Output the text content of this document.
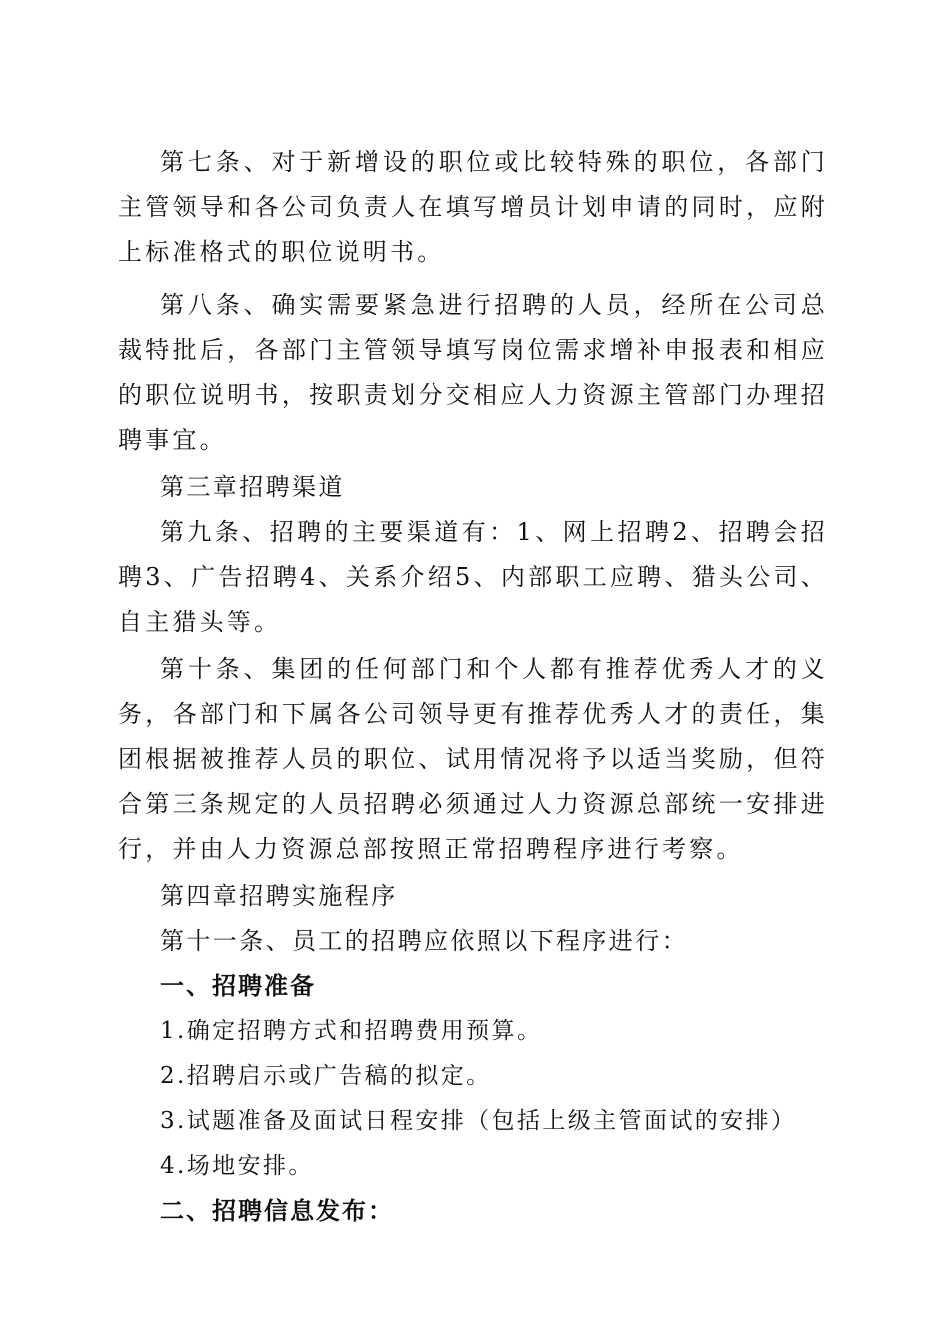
第七条、对于新增设的职位或比较特殊的职位，各部门主管领导和各公司负责人在填写增员计划申请的同时，应附上标准格式的职位说明书。

第八条、确实需要紧急进行招聘的人员，经所在公司总裁特批后，各部门主管领导填写岗位需求增补申报表和相应的职位说明书，按职责划分交相应人力资源主管部门办理招聘事宜。

第三章招聘渠道

第九条、招聘的主要渠道有：1、网上招聘2、招聘会招聘3、广告招聘4、关系介绍5、内部职工应聘、猎头公司、自主猎头等。

第十条、集团的任何部门和个人都有推荐优秀人才的义务，各部门和下属各公司领导更有推荐优秀人才的责任，集团根据被推荐人员的职位、试用情况将予以适当奖励，但符合第三条规定的人员招聘必须通过人力资源总部统一安排进行，并由人力资源总部按照正常招聘程序进行考察。

第四章招聘实施程序

第十一条、员工的招聘应依照以下程序进行：

一、招聘准备

1.确定招聘方式和招聘费用预算。

2.招聘启示或广告稿的拟定。

3.试题准备及面试日程安排（包括上级主管面试的安排）

4.场地安排。

二、招聘信息发布：
